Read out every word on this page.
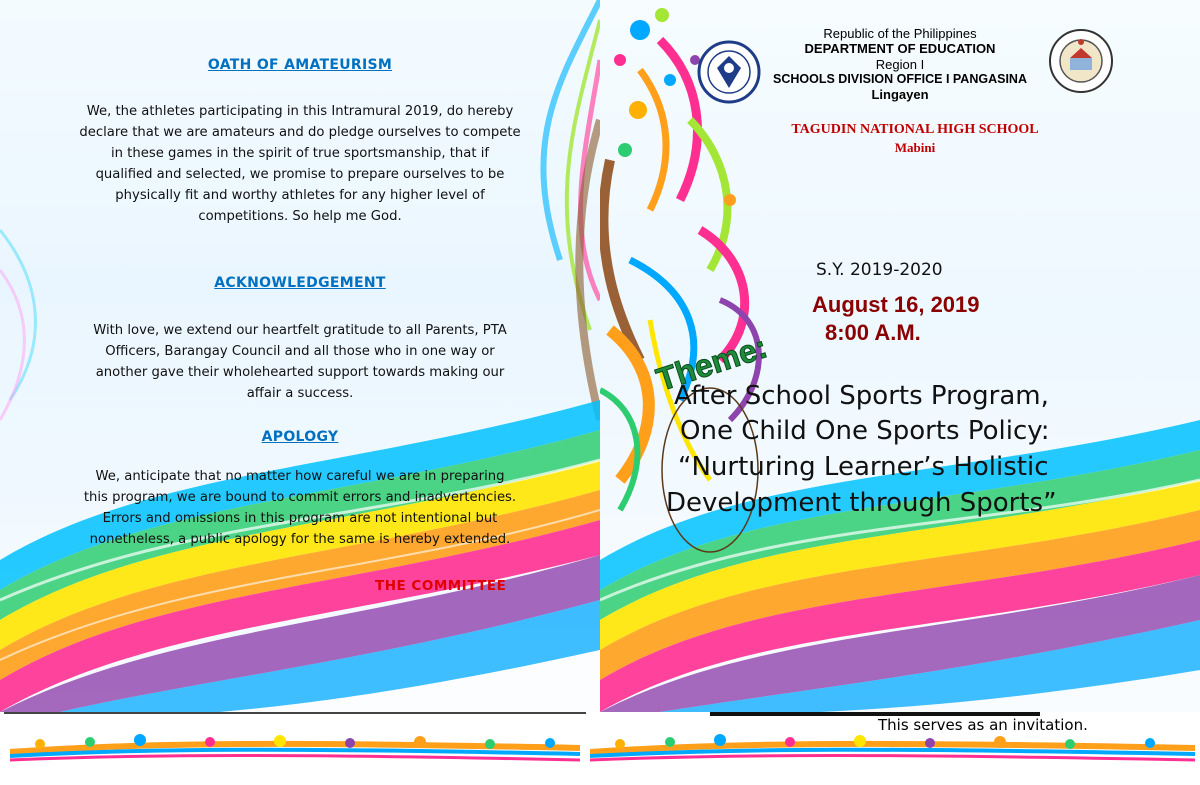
OATH OF AMATEURISM
We, the athletes participating in this Intramural 2019, do hereby
declare that we are amateurs and do pledge ourselves to compete
in these games in the spirit of true sportsmanship, that if
qualified and selected, we promise to prepare ourselves to be
physically fit and worthy athletes for any higher level of
competitions. So help me God.
ACKNOWLEDGEMENT
With love, we extend our heartfelt gratitude to all Parents, PTA
Officers, Barangay Council and all those who in one way or
another gave their wholehearted support towards making our
affair a success.
APOLOGY
We, anticipate that no matter how careful we are in preparing
this program, we are bound to commit errors and inadvertencies.
Errors and omissions in this program are not intentional but
nonetheless, a public apology for the same is hereby extended.
THE COMMITTEE
Republic of the Philippines
DEPARTMENT OF EDUCATION
Region I
SCHOOLS DIVISION OFFICE I PANGASINA
Lingayen
TAGUDIN NATIONAL HIGH SCHOOL
Mabini
S.Y. 2019-2020
August 16, 2019
8:00 A.M.
Theme:
After School Sports Program,
One Child One Sports Policy:
“Nurturing Learner’s Holistic
Development through Sports”
This serves as an invitation.
